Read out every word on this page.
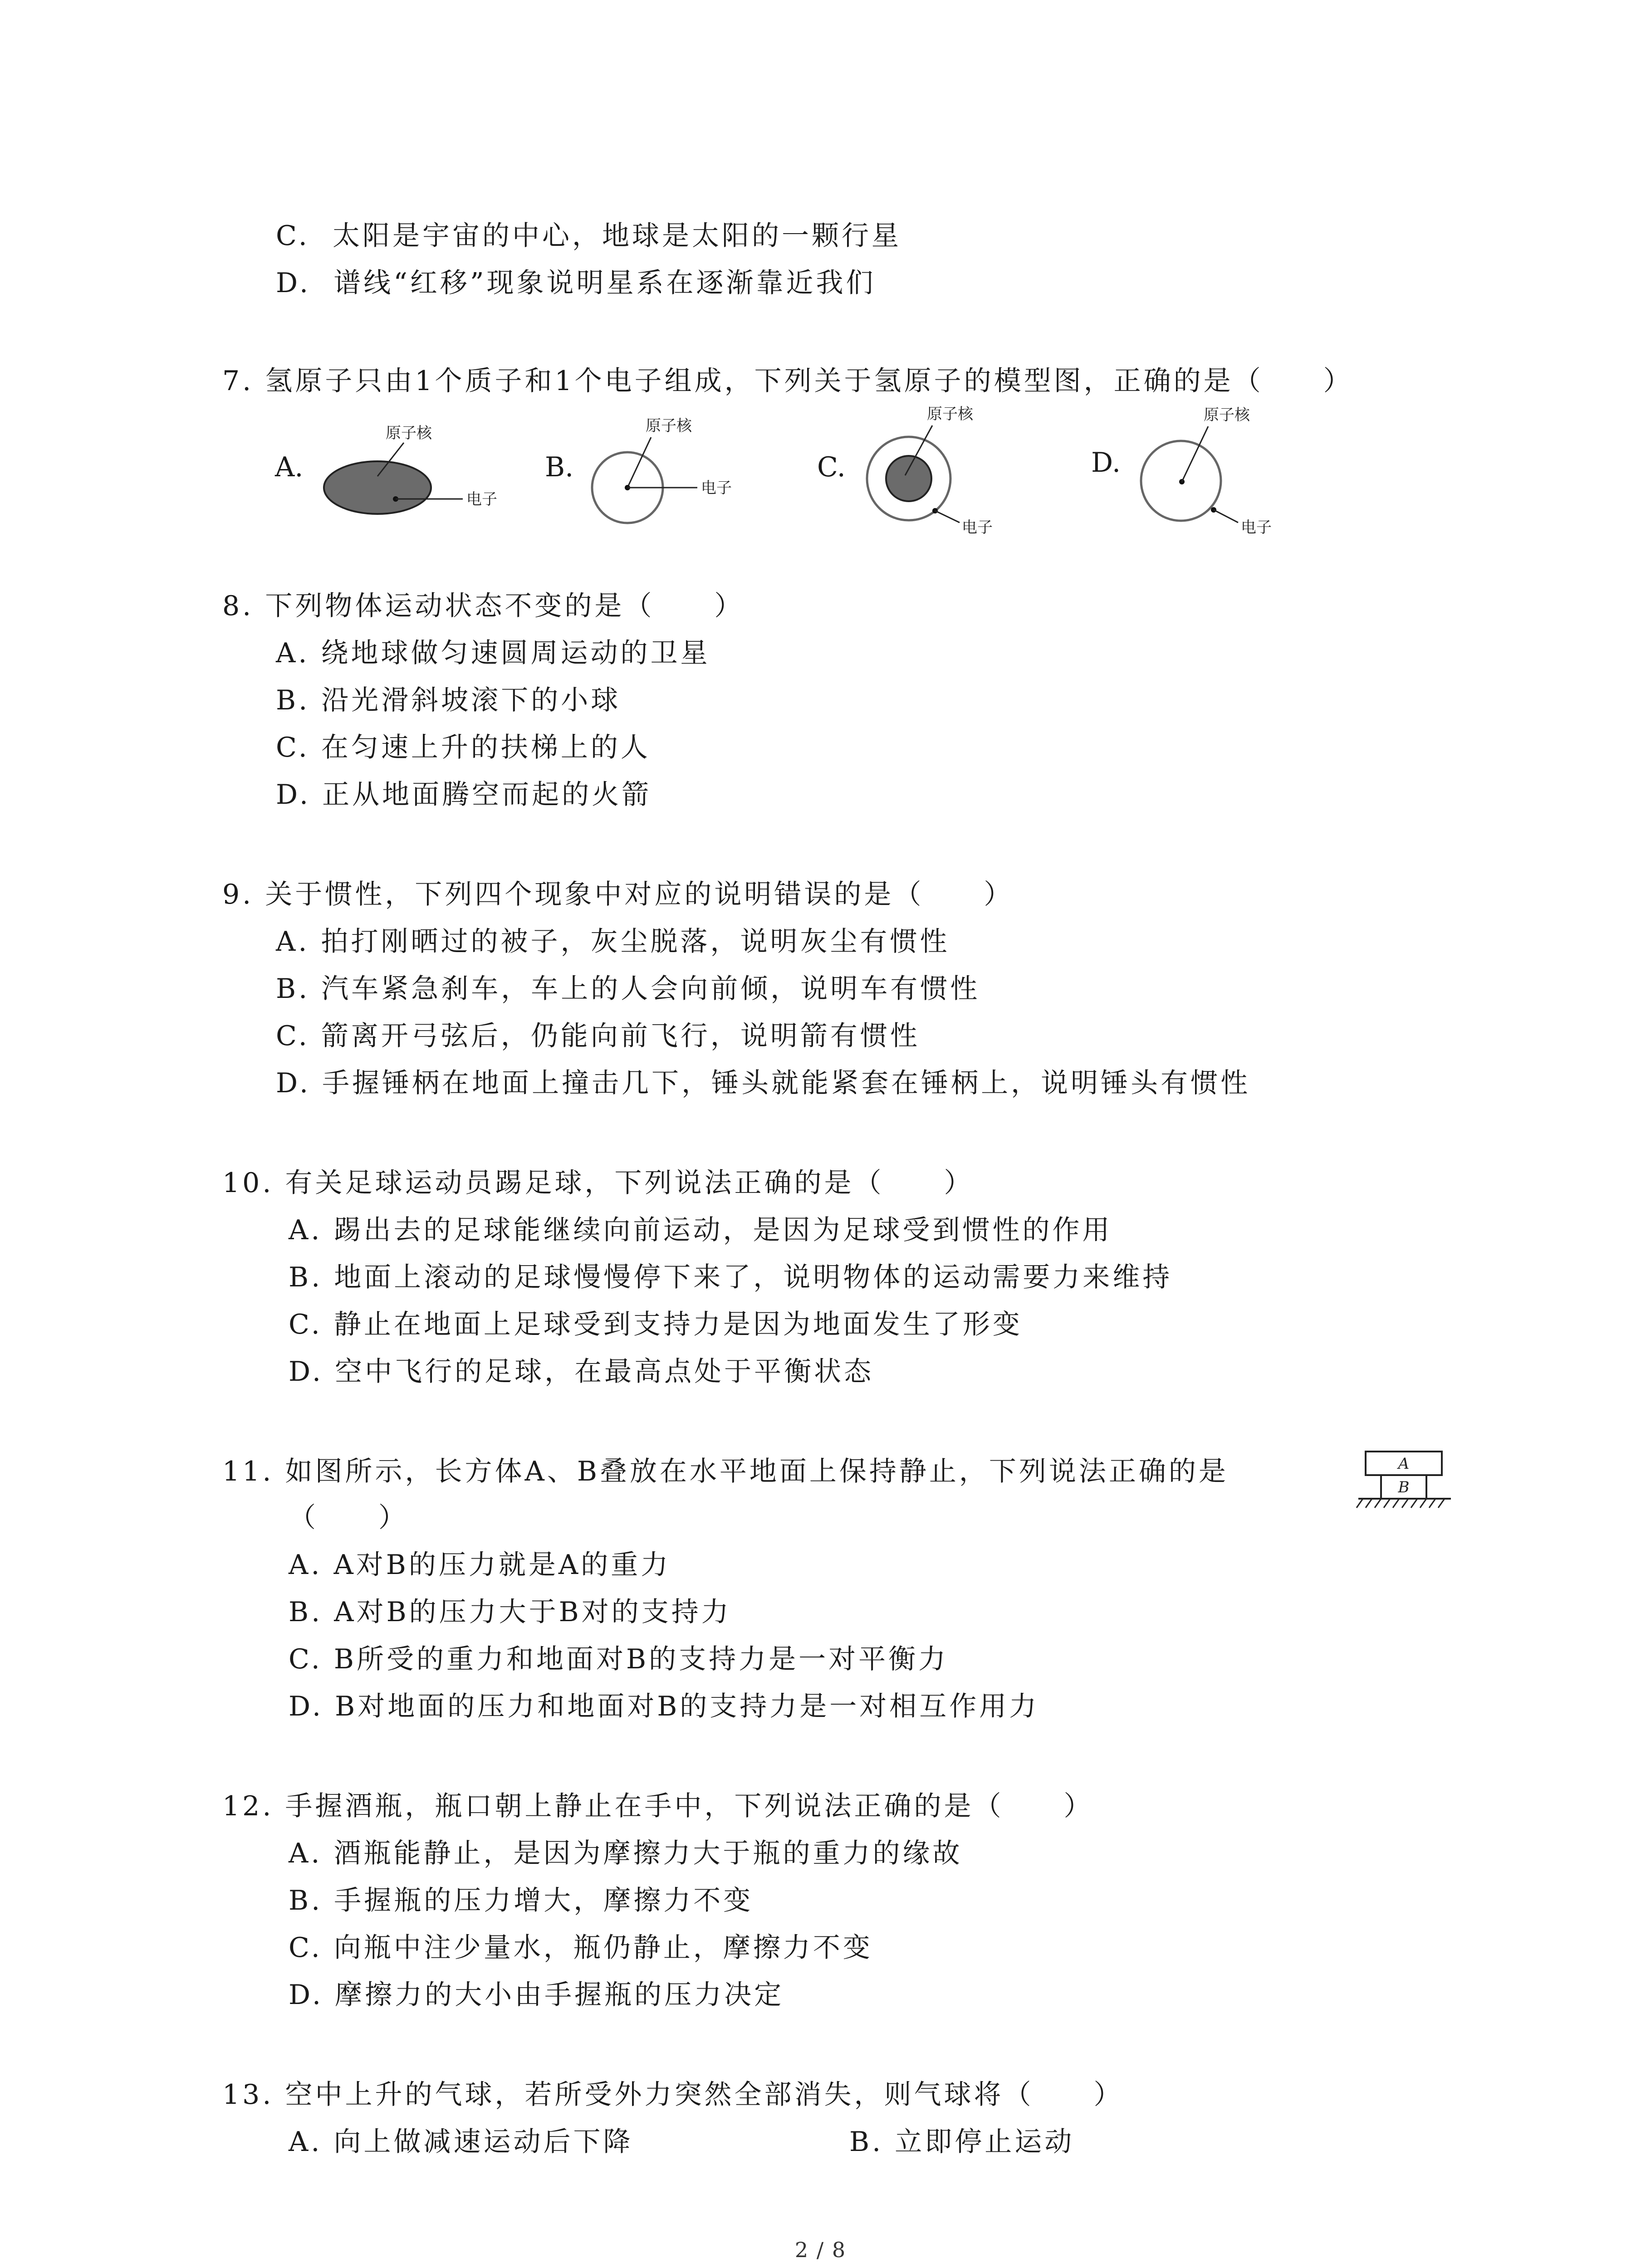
C. 太阳是宇宙的中心，地球是太阳的一颗行星
D. 谱线“红移”现象说明星系在逐渐靠近我们
7. 氢原子只由1个质子和1个电子组成，下列关于氢原子的模型图，正确的是（　　）
A.
原子核
电子
B.
原子核
电子
C.
原子核
电子
D.
原子核
电子
8. 下列物体运动状态不变的是（　　）
A. 绕地球做匀速圆周运动的卫星
B. 沿光滑斜坡滚下的小球
C. 在匀速上升的扶梯上的人
D. 正从地面腾空而起的火箭
9. 关于惯性，下列四个现象中对应的说明错误的是（　　）
A. 拍打刚晒过的被子，灰尘脱落，说明灰尘有惯性
B. 汽车紧急刹车，车上的人会向前倾，说明车有惯性
C. 箭离开弓弦后，仍能向前飞行，说明箭有惯性
D. 手握锤柄在地面上撞击几下，锤头就能紧套在锤柄上，说明锤头有惯性
10. 有关足球运动员踢足球，下列说法正确的是（　　）
A. 踢出去的足球能继续向前运动，是因为足球受到惯性的作用
B. 地面上滚动的足球慢慢停下来了，说明物体的运动需要力来维持
C. 静止在地面上足球受到支持力是因为地面发生了形变
D. 空中飞行的足球，在最高点处于平衡状态
11. 如图所示，长方体A、B叠放在水平地面上保持静止，下列说法正确的是
（　　）
A. A对B的压力就是A的重力
B. A对B的压力大于B对的支持力
C. B所受的重力和地面对B的支持力是一对平衡力
D. B对地面的压力和地面对B的支持力是一对相互作用力
A
B
12. 手握酒瓶，瓶口朝上静止在手中，下列说法正确的是（　　）
A. 酒瓶能静止，是因为摩擦力大于瓶的重力的缘故
B. 手握瓶的压力增大，摩擦力不变
C. 向瓶中注少量水，瓶仍静止，摩擦力不变
D. 摩擦力的大小由手握瓶的压力决定
13. 空中上升的气球，若所受外力突然全部消失，则气球将（　　）
A. 向上做减速运动后下降	B. 立即停止运动
2 / 8
